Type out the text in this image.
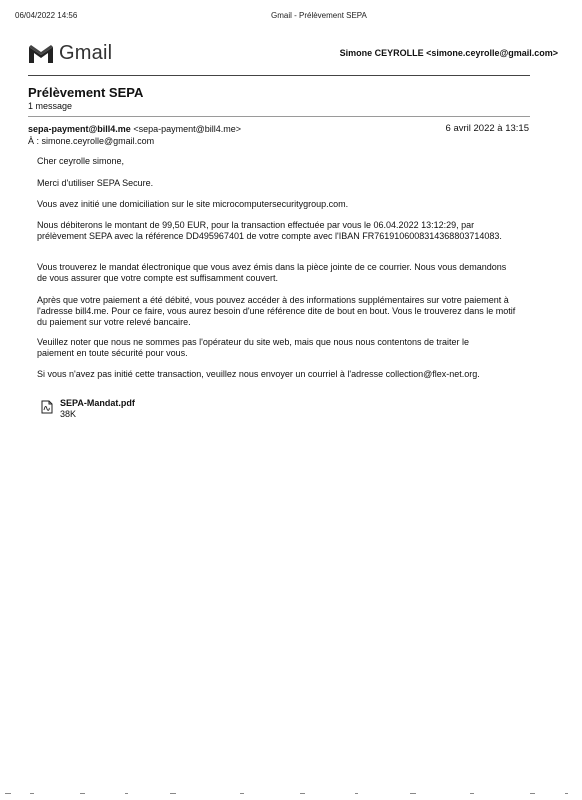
06/04/2022 14:56	Gmail - Prélèvement SEPA
Gmail	Simone CEYROLLE <simone.ceyrolle@gmail.com>
Prélèvement SEPA
1 message
sepa-payment@bill4.me <sepa-payment@bill4.me>	6 avril 2022 à 13:15
À : simone.ceyrolle@gmail.com

Cher ceyrolle simone,

Merci d'utiliser SEPA Secure.

Vous avez initié une domiciliation sur le site microcomputersecuritygroup.com.

Nous débiterons le montant de 99,50 EUR, pour la transaction effectuée par vous le 06.04.2022 13:12:29, par prélèvement SEPA avec la référence DD495967401 de votre compte avec l'IBAN FR7619106008314368803714083.

Vous trouverez le mandat électronique que vous avez émis dans la pièce jointe de ce courrier. Nous vous demandons de vous assurer que votre compte est suffisamment couvert.

Après que votre paiement a été débité, vous pouvez accéder à des informations supplémentaires sur votre paiement à l'adresse bill4.me. Pour ce faire, vous aurez besoin d'une référence dite de bout en bout. Vous le trouverez dans le motif du paiement sur votre relevé bancaire.

Veuillez noter que nous ne sommes pas l'opérateur du site web, mais que nous nous contentons de traiter le paiement en toute sécurité pour vous.

Si vous n'avez pas initié cette transaction, veuillez nous envoyer un courriel à l'adresse collection@flex-net.org.

SEPA-Mandat.pdf
38K
